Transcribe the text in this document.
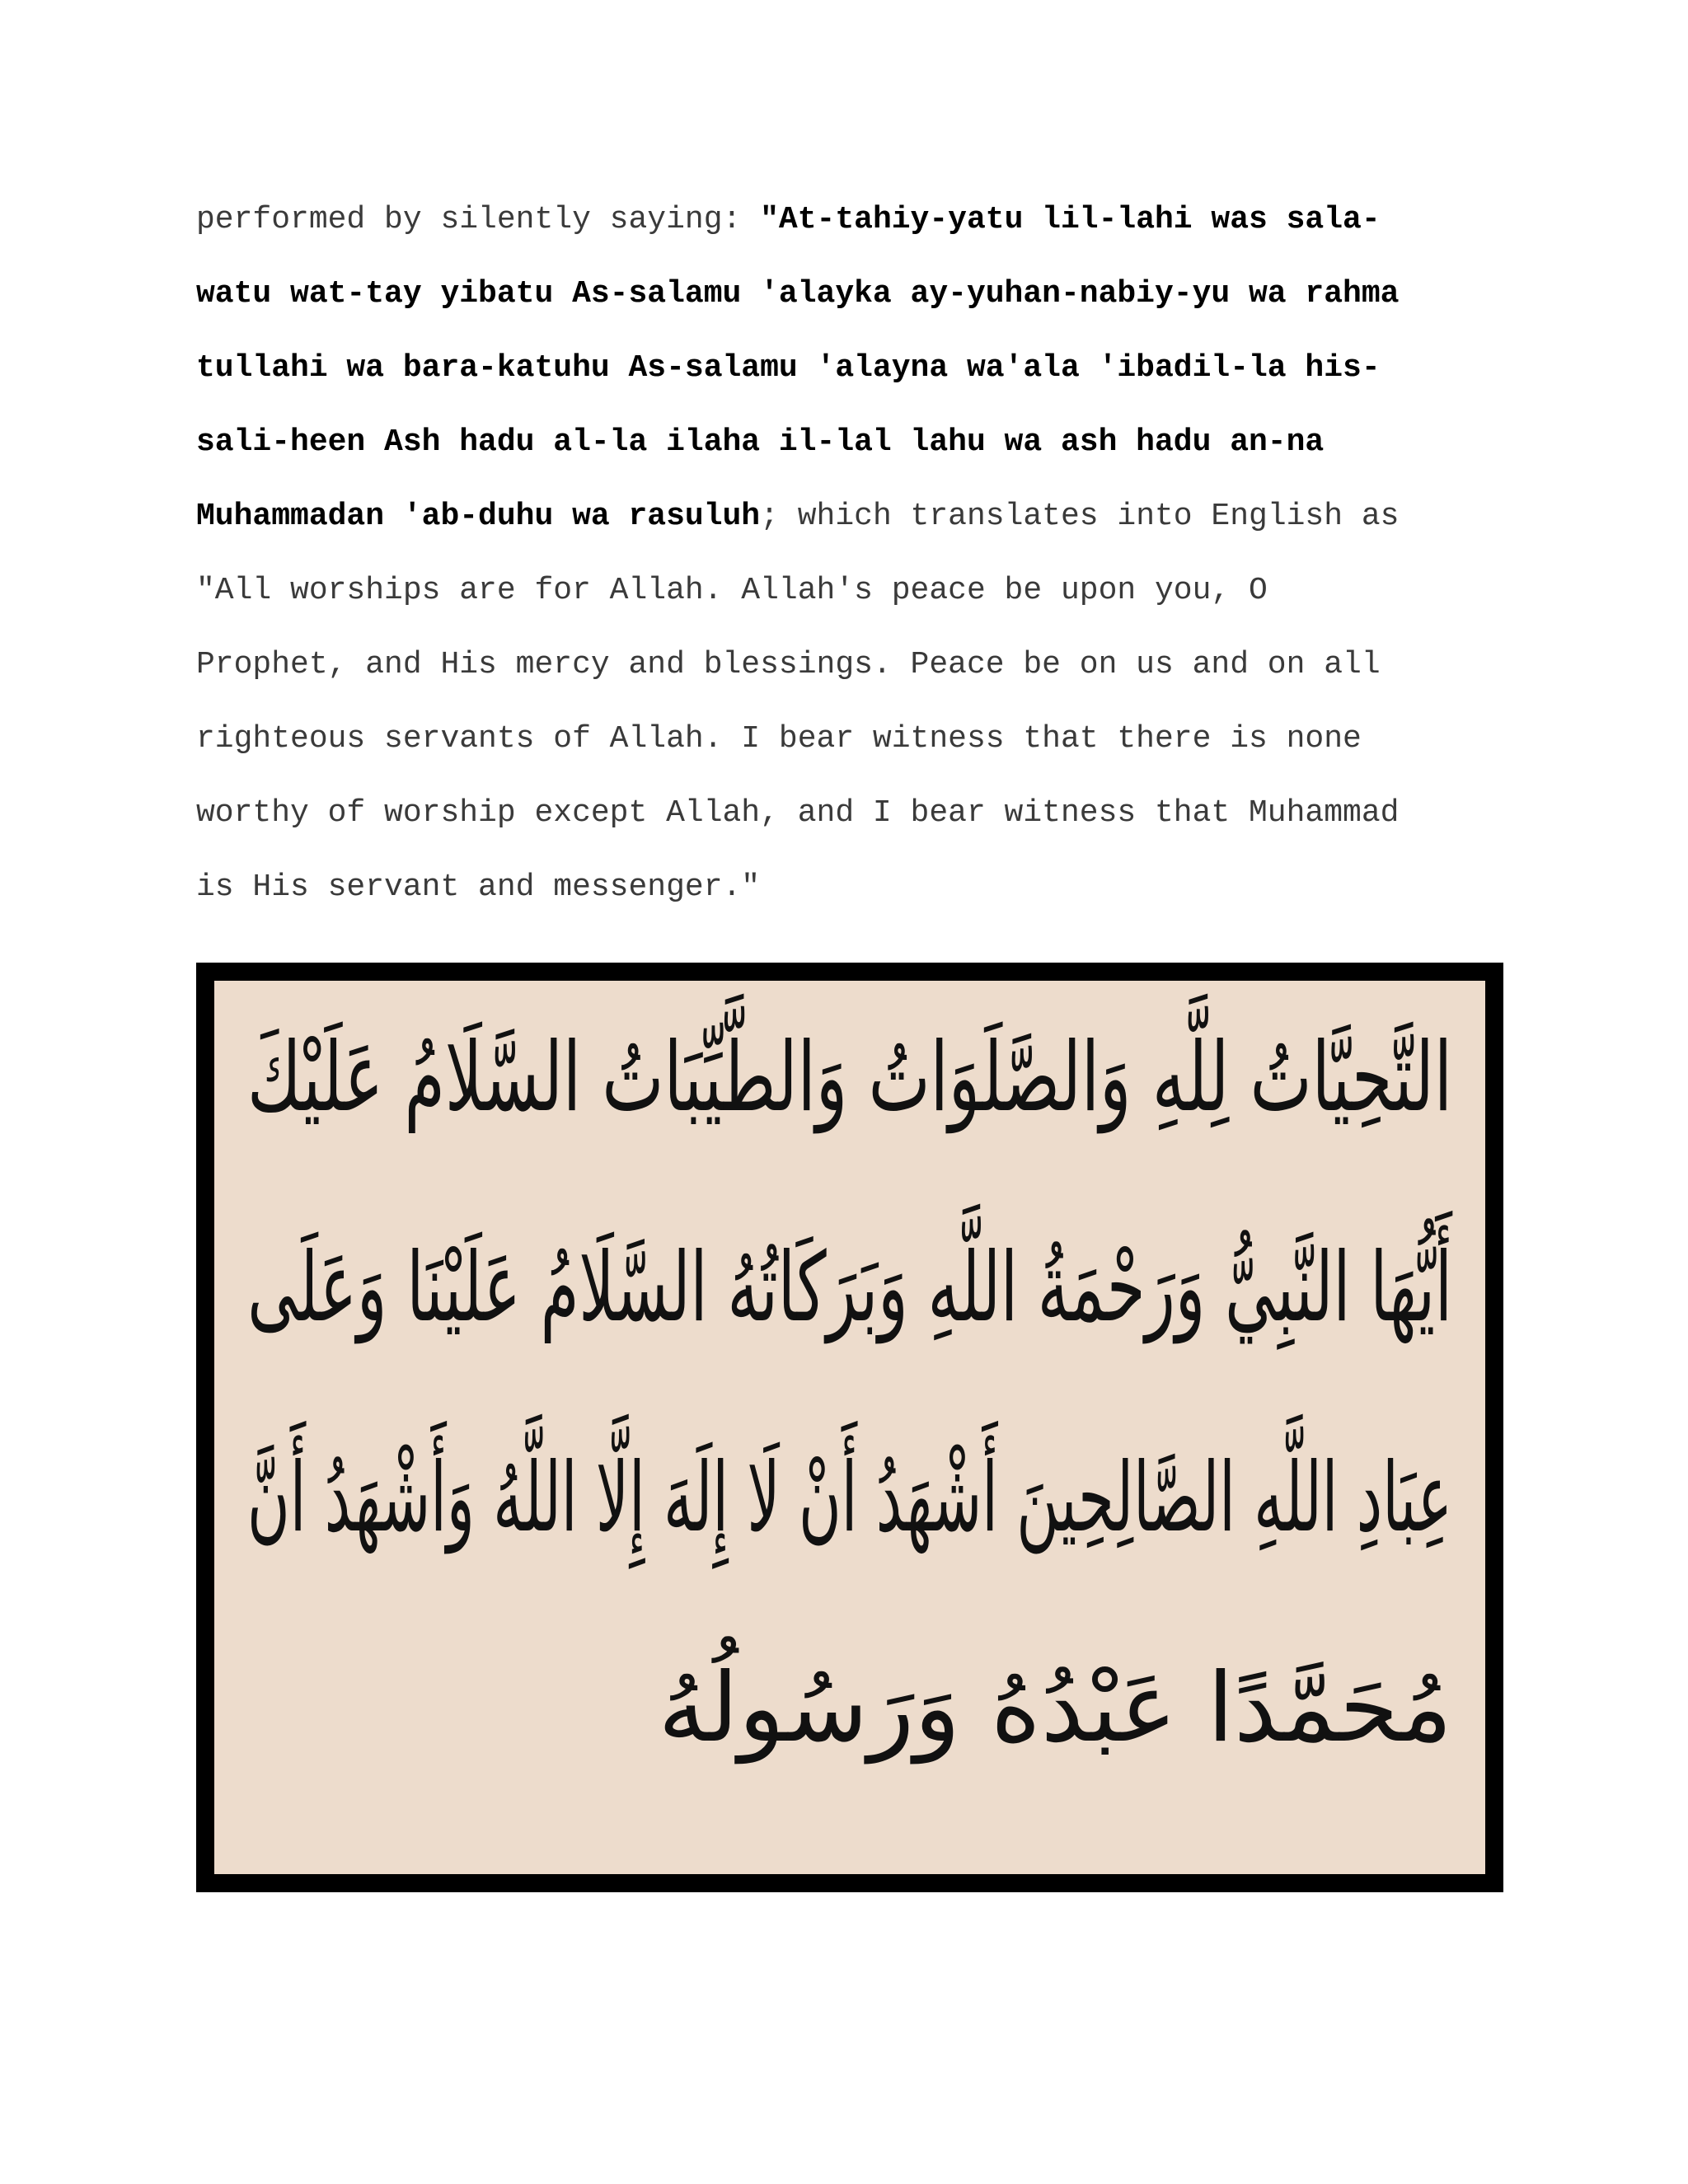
performed by silently saying: "At-tahiy-yatu lil-lahi was sala-
watu wat-tay yibatu As-salamu 'alayka ay-yuhan-nabiy-yu wa rahma
tullahi wa bara-katuhu As-salamu 'alayna wa'ala 'ibadil-la his-
sali-heen Ash hadu al-la ilaha il-lal lahu wa ash hadu an-na
Muhammadan 'ab-duhu wa rasuluh; which translates into English as
"All worships are for Allah. Allah's peace be upon you, O
Prophet, and His mercy and blessings. Peace be on us and on all
righteous servants of Allah. I bear witness that there is none
worthy of worship except Allah, and I bear witness that Muhammad
is His servant and messenger."
التَّحِيَّاتُ لِلَّهِ وَالصَّلَوَاتُ وَالطَّيِّبَاتُ السَّلَامُ عَلَيْكَ
أَيُّهَا النَّبِيُّ وَرَحْمَةُ اللَّهِ وَبَرَكَاتُهُ السَّلَامُ عَلَيْنَا وَعَلَى
عِبَادِ اللَّهِ الصَّالِحِينَ أَشْهَدُ أَنْ لَا إِلَهَ إِلَّا اللَّهُ وَأَشْهَدُ أَنَّ
مُحَمَّدًا عَبْدُهُ وَرَسُولُهُ
